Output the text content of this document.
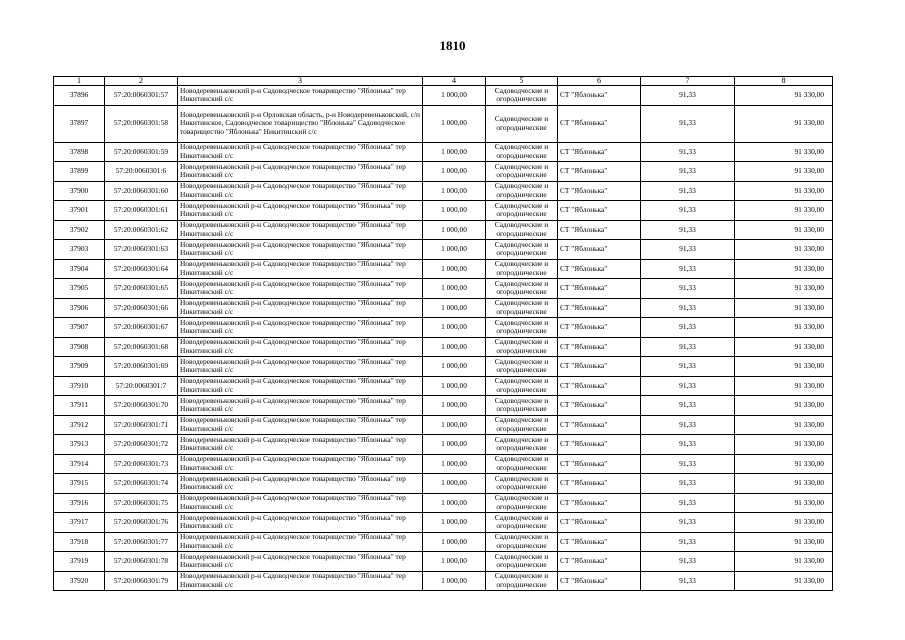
1810
1	2	3	4	5	6	7	8
37896	57:20:0060301:57	Новодеревеньковский р-н Садоводческое товарищество "Яблонька" тер Никитинский с/с	1 000,00	Садоводческие и огороднические	СТ "Яблонька"	91,33	91 330,00
37897	57:20:0060301:58	Новодеревеньковский р-н Орловская область, р-н Новодеревеньковский, с/п Никитинское, Садоводческое товарищество "Яблонька" Садоводческое товарищество "Яблонька" Никитинский с/с	1 000,00	Садоводческие и огороднические	СТ "Яблонька"	91,33	91 330,00
37898	57:20:0060301:59	Новодеревеньковский р-н Садоводческое товарищество "Яблонька" тер Никитинский с/с	1 000,00	Садоводческие и огороднические	СТ "Яблонька"	91,33	91 330,00
37899	57:20:0060301:6	Новодеревеньковский р-н Садоводческое товарищество "Яблонька" тер Никитинский с/с	1 000,00	Садоводческие и огороднические	СТ "Яблонька"	91,33	91 330,00
37900	57:20:0060301:60	Новодеревеньковский р-н Садоводческое товарищество "Яблонька" тер Никитинский с/с	1 000,00	Садоводческие и огороднические	СТ "Яблонька"	91,33	91 330,00
37901	57:20:0060301:61	Новодеревеньковский р-н Садоводческое товарищество "Яблонька" тер Никитинский с/с	1 000,00	Садоводческие и огороднические	СТ "Яблонька"	91,33	91 330,00
37902	57:20:0060301:62	Новодеревеньковский р-н Садоводческое товарищество "Яблонька" тер Никитинский с/с	1 000,00	Садоводческие и огороднические	СТ "Яблонька"	91,33	91 330,00
37903	57:20:0060301:63	Новодеревеньковский р-н Садоводческое товарищество "Яблонька" тер Никитинский с/с	1 000,00	Садоводческие и огороднические	СТ "Яблонька"	91,33	91 330,00
37904	57:20:0060301:64	Новодеревеньковский р-н Садоводческое товарищество "Яблонька" тер Никитинский с/с	1 000,00	Садоводческие и огороднические	СТ "Яблонька"	91,33	91 330,00
37905	57:20:0060301:65	Новодеревеньковский р-н Садоводческое товарищество "Яблонька" тер Никитинский с/с	1 000,00	Садоводческие и огороднические	СТ "Яблонька"	91,33	91 330,00
37906	57:20:0060301:66	Новодеревеньковский р-н Садоводческое товарищество "Яблонька" тер Никитинский с/с	1 000,00	Садоводческие и огороднические	СТ "Яблонька"	91,33	91 330,00
37907	57:20:0060301:67	Новодеревеньковский р-н Садоводческое товарищество "Яблонька" тер Никитинский с/с	1 000,00	Садоводческие и огороднические	СТ "Яблонька"	91,33	91 330,00
37908	57:20:0060301:68	Новодеревеньковский р-н Садоводческое товарищество "Яблонька" тер Никитинский с/с	1 000,00	Садоводческие и огороднические	СТ "Яблонька"	91,33	91 330,00
37909	57:20:0060301:69	Новодеревеньковский р-н Садоводческое товарищество "Яблонька" тер Никитинский с/с	1 000,00	Садоводческие и огороднические	СТ "Яблонька"	91,33	91 330,00
37910	57:20:0060301:7	Новодеревеньковский р-н Садоводческое товарищество "Яблонька" тер Никитинский с/с	1 000,00	Садоводческие и огороднические	СТ "Яблонька"	91,33	91 330,00
37911	57:20:0060301:70	Новодеревеньковский р-н Садоводческое товарищество "Яблонька" тер Никитинский с/с	1 000,00	Садоводческие и огороднические	СТ "Яблонька"	91,33	91 330,00
37912	57:20:0060301:71	Новодеревеньковский р-н Садоводческое товарищество "Яблонька" тер Никитинский с/с	1 000,00	Садоводческие и огороднические	СТ "Яблонька"	91,33	91 330,00
37913	57:20:0060301:72	Новодеревеньковский р-н Садоводческое товарищество "Яблонька" тер Никитинский с/с	1 000,00	Садоводческие и огороднические	СТ "Яблонька"	91,33	91 330,00
37914	57:20:0060301:73	Новодеревеньковский р-н Садоводческое товарищество "Яблонька" тер Никитинский с/с	1 000,00	Садоводческие и огороднические	СТ "Яблонька"	91,33	91 330,00
37915	57:20:0060301:74	Новодеревеньковский р-н Садоводческое товарищество "Яблонька" тер Никитинский с/с	1 000,00	Садоводческие и огороднические	СТ "Яблонька"	91,33	91 330,00
37916	57:20:0060301:75	Новодеревеньковский р-н Садоводческое товарищество "Яблонька" тер Никитинский с/с	1 000,00	Садоводческие и огороднические	СТ "Яблонька"	91,33	91 330,00
37917	57:20:0060301:76	Новодеревеньковский р-н Садоводческое товарищество "Яблонька" тер Никитинский с/с	1 000,00	Садоводческие и огороднические	СТ "Яблонька"	91,33	91 330,00
37918	57:20:0060301:77	Новодеревеньковский р-н Садоводческое товарищество "Яблонька" тер Никитинский с/с	1 000,00	Садоводческие и огороднические	СТ "Яблонька"	91,33	91 330,00
37919	57:20:0060301:78	Новодеревеньковский р-н Садоводческое товарищество "Яблонька" тер Никитинский с/с	1 000,00	Садоводческие и огороднические	СТ "Яблонька"	91,33	91 330,00
37920	57:20:0060301:79	Новодеревеньковский р-н Садоводческое товарищество "Яблонька" тер Никитинский с/с	1 000,00	Садоводческие и огороднические	СТ "Яблонька"	91,33	91 330,00
